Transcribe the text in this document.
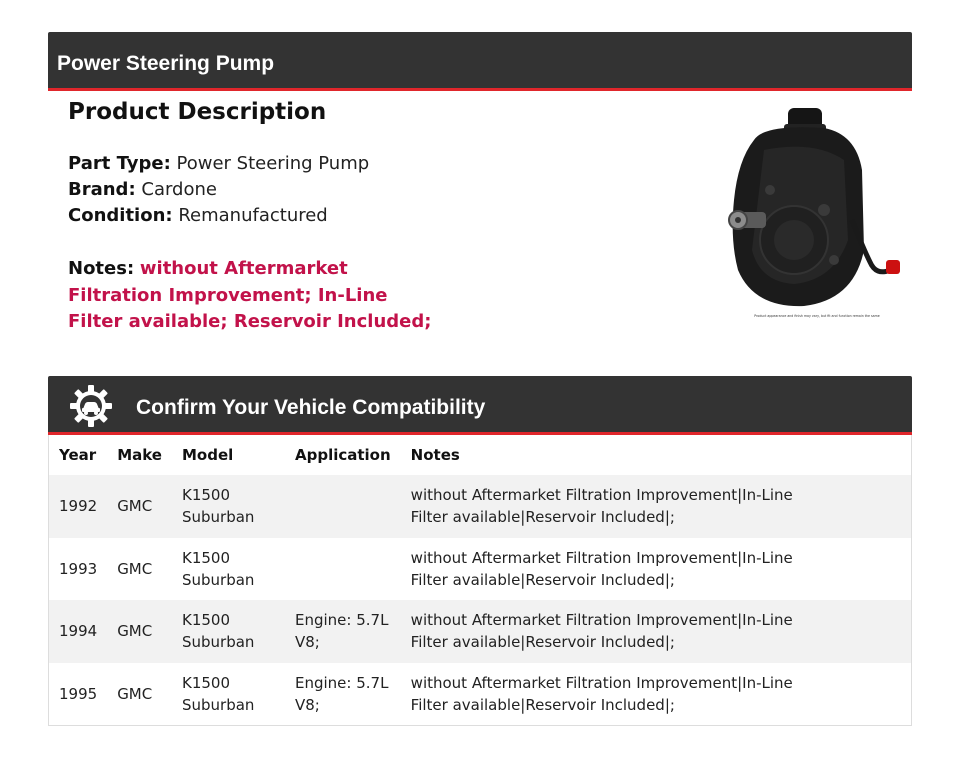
Power Steering Pump
Product Description
Part Type: Power Steering Pump
Brand: Cardone
Condition: Remanufactured
Notes: without Aftermarket Filtration Improvement; In-Line Filter available; Reservoir Included;	Product appearance and finish may vary, but fit and function remain the same
Confirm Your Vehicle Compatibility
Year	Make	Model	Application	Notes
1992	GMC	K1500 Suburban		without Aftermarket Filtration Improvement|In-Line Filter available|Reservoir Included|;
1993	GMC	K1500 Suburban		without Aftermarket Filtration Improvement|In-Line Filter available|Reservoir Included|;
1994	GMC	K1500 Suburban	Engine: 5.7L V8;	without Aftermarket Filtration Improvement|In-Line Filter available|Reservoir Included|;
1995	GMC	K1500 Suburban	Engine: 5.7L V8;	without Aftermarket Filtration Improvement|In-Line Filter available|Reservoir Included|;
